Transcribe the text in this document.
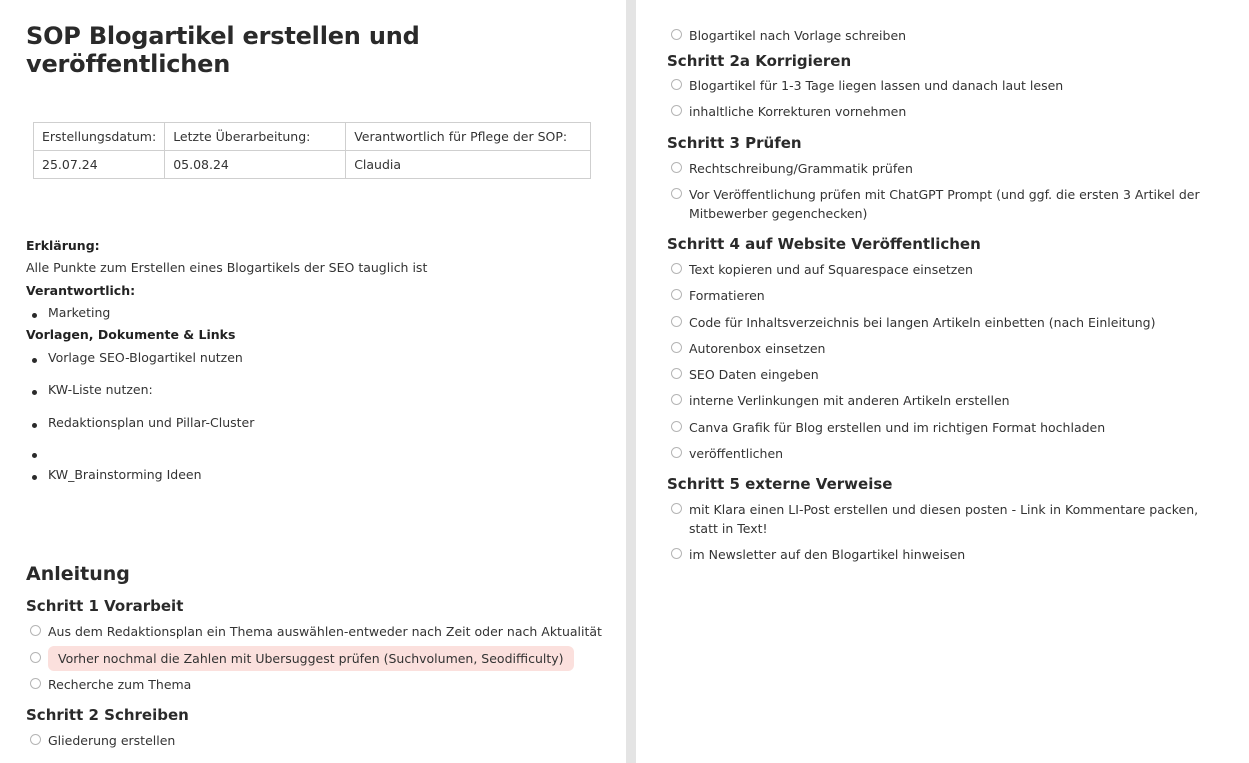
SOP Blogartikel erstellen und veröffentlichen
Erstellungsdatum:	Letzte Überarbeitung:	Verantwortlich für Pflege der SOP:
25.07.24	05.08.24	Claudia
Erklärung:
Alle Punkte zum Erstellen eines Blogartikels der SEO tauglich ist
Verantwortlich:
Marketing
Vorlagen, Dokumente & Links
Vorlage SEO-Blogartikel nutzen
KW-Liste nutzen:
Redaktionsplan und Pillar-Cluster
KW_Brainstorming Ideen
Anleitung
Schritt 1 Vorarbeit
Aus dem Redaktionsplan ein Thema auswählen-entweder nach Zeit oder nach Aktualität
Vorher nochmal die Zahlen mit Ubersuggest prüfen (Suchvolumen, Seodifficulty)
Recherche zum Thema
Schritt 2 Schreiben
Gliederung erstellen
Blogartikel nach Vorlage schreiben
Schritt 2a Korrigieren
Blogartikel für 1-3 Tage liegen lassen und danach laut lesen
inhaltliche Korrekturen vornehmen
Schritt 3 Prüfen
Rechtschreibung/Grammatik prüfen
Vor Veröffentlichung prüfen mit ChatGPT Prompt (und ggf. die ersten 3 Artikel der Mitbewerber gegenchecken)
Schritt 4 auf Website Veröffentlichen
Text kopieren und auf Squarespace einsetzen
Formatieren
Code für Inhaltsverzeichnis bei langen Artikeln einbetten (nach Einleitung)
Autorenbox einsetzen
SEO Daten eingeben
interne Verlinkungen mit anderen Artikeln erstellen
Canva Grafik für Blog erstellen und im richtigen Format hochladen
veröffentlichen
Schritt 5 externe Verweise
mit Klara einen LI-Post erstellen und diesen posten - Link in Kommentare packen, statt in Text!
im Newsletter auf den Blogartikel hinweisen
